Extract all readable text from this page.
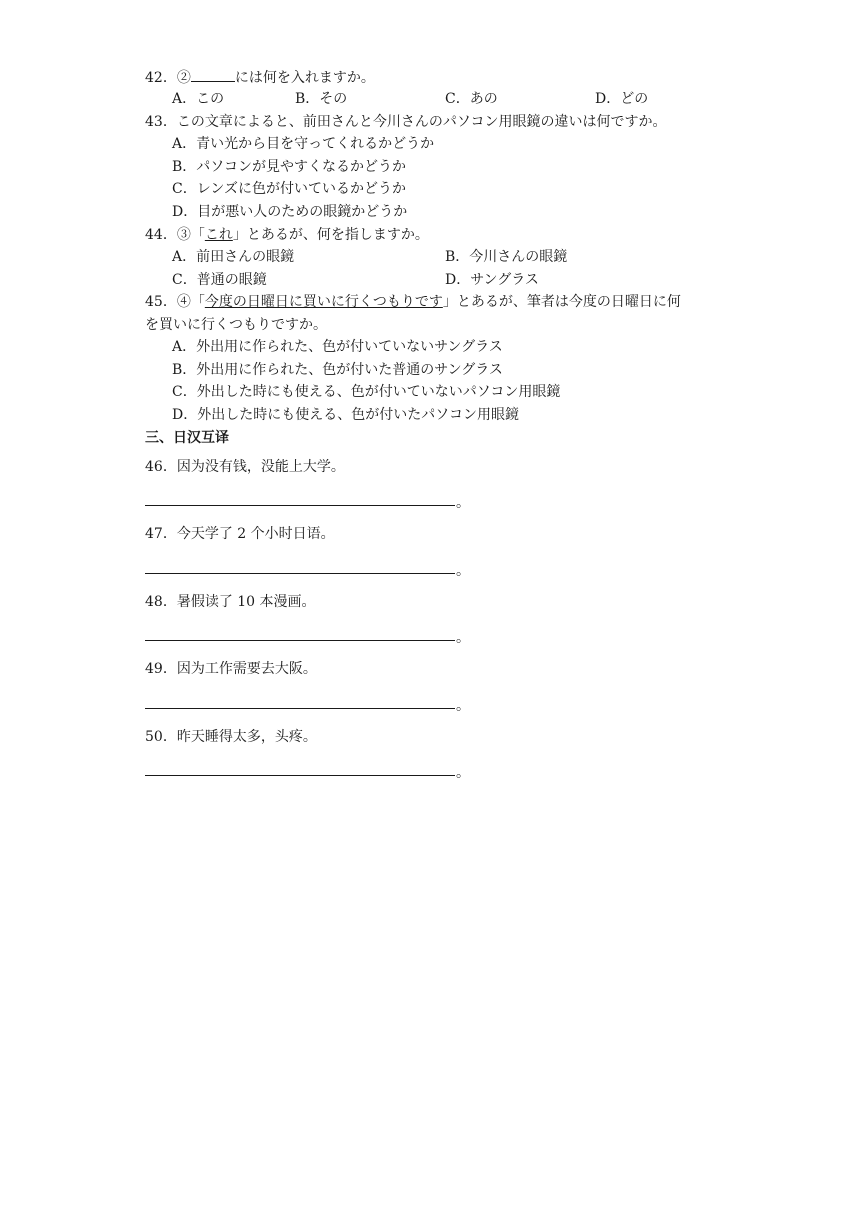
42．②	には何を入れますか。
A．この	B．その	C．あの	D．どの
43．この文章によると、前田さんと今川さんのパソコン用眼鏡の違いは何ですか。
A．青い光から目を守ってくれるかどうか
B．パソコンが見やすくなるかどうか
C．レンズに色が付いているかどうか
D．目が悪い人のための眼鏡かどうか
44．③「これ」とあるが、何を指しますか。
A．前田さんの眼鏡	B．今川さんの眼鏡
C．普通の眼鏡	D．サングラス
45．④「今度の日曜日に買いに行くつもりです」とあるが、筆者は今度の日曜日に何
を買いに行くつもりですか。
A．外出用に作られた、色が付いていないサングラス
B．外出用に作られた、色が付いた普通のサングラス
C．外出した時にも使える、色が付いていないパソコン用眼鏡
D．外出した時にも使える、色が付いたパソコン用眼鏡
三、日汉互译
46．因为没有钱，没能上大学。
。
47．今天学了 2 个小时日语。
。
48．暑假读了 10 本漫画。
。
49．因为工作需要去大阪。
。
50．昨天睡得太多，头疼。
。
